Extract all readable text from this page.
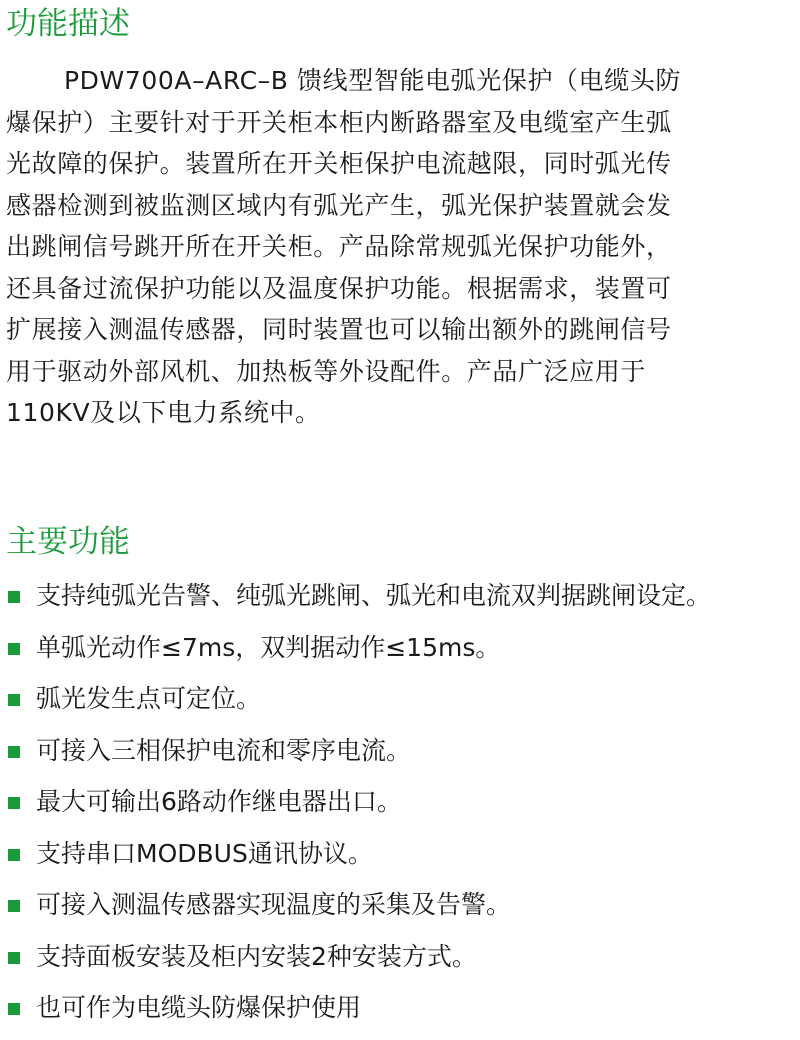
功能描述
PDW700A–ARC–B 馈线型智能电弧光保护（电缆头防
爆保护）主要针对于开关柜本柜内断路器室及电缆室产生弧
光故障的保护。装置所在开关柜保护电流越限，同时弧光传
感器检测到被监测区域内有弧光产生，弧光保护装置就会发
出跳闸信号跳开所在开关柜。产品除常规弧光保护功能外，
还具备过流保护功能以及温度保护功能。根据需求，装置可
扩展接入测温传感器，同时装置也可以输出额外的跳闸信号
用于驱动外部风机、加热板等外设配件。产品广泛应用于
110KV及以下电力系统中。
主要功能
支持纯弧光告警、纯弧光跳闸、弧光和电流双判据跳闸设定。
单弧光动作≤7ms，双判据动作≤15ms。
弧光发生点可定位。
可接入三相保护电流和零序电流。
最大可输出6路动作继电器出口。
支持串口MODBUS通讯协议。
可接入测温传感器实现温度的采集及告警。
支持面板安装及柜内安装2种安装方式。
也可作为电缆头防爆保护使用
